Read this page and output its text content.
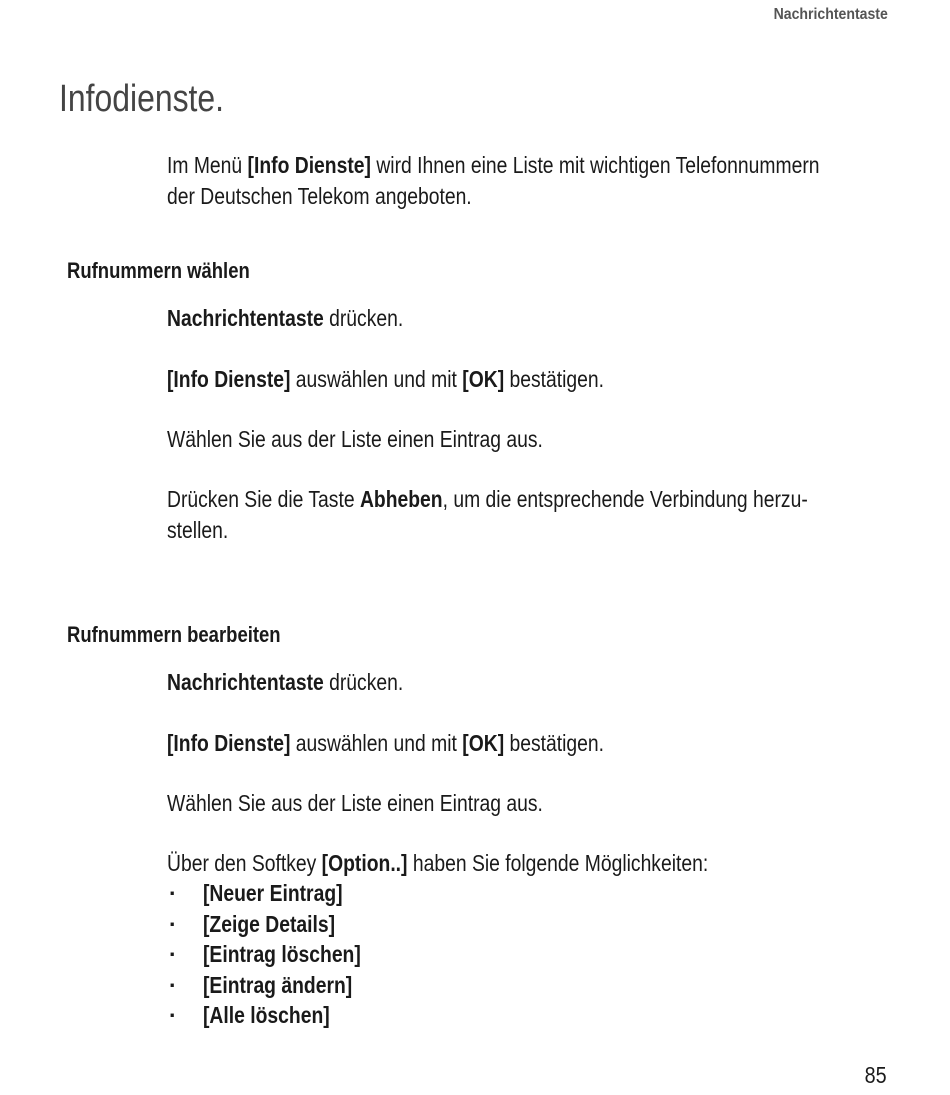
Nachrichtentaste
Infodienste.
Im Menü [Info Dienste] wird Ihnen eine Liste mit wichtigen Telefonnummern
der Deutschen Telekom angeboten.
Rufnummern wählen
Nachrichtentaste drücken.
[Info Dienste] auswählen und mit [OK] bestätigen.
Wählen Sie aus der Liste einen Eintrag aus.
Drücken Sie die Taste Abheben, um die entsprechende Verbindung herzu-
stellen.
Rufnummern bearbeiten
Nachrichtentaste drücken.
[Info Dienste] auswählen und mit [OK] bestätigen.
Wählen Sie aus der Liste einen Eintrag aus.
Über den Softkey [Option..] haben Sie folgende Möglichkeiten:
· [Neuer Eintrag]
· [Zeige Details]
· [Eintrag löschen]
· [Eintrag ändern]
· [Alle löschen]
85
